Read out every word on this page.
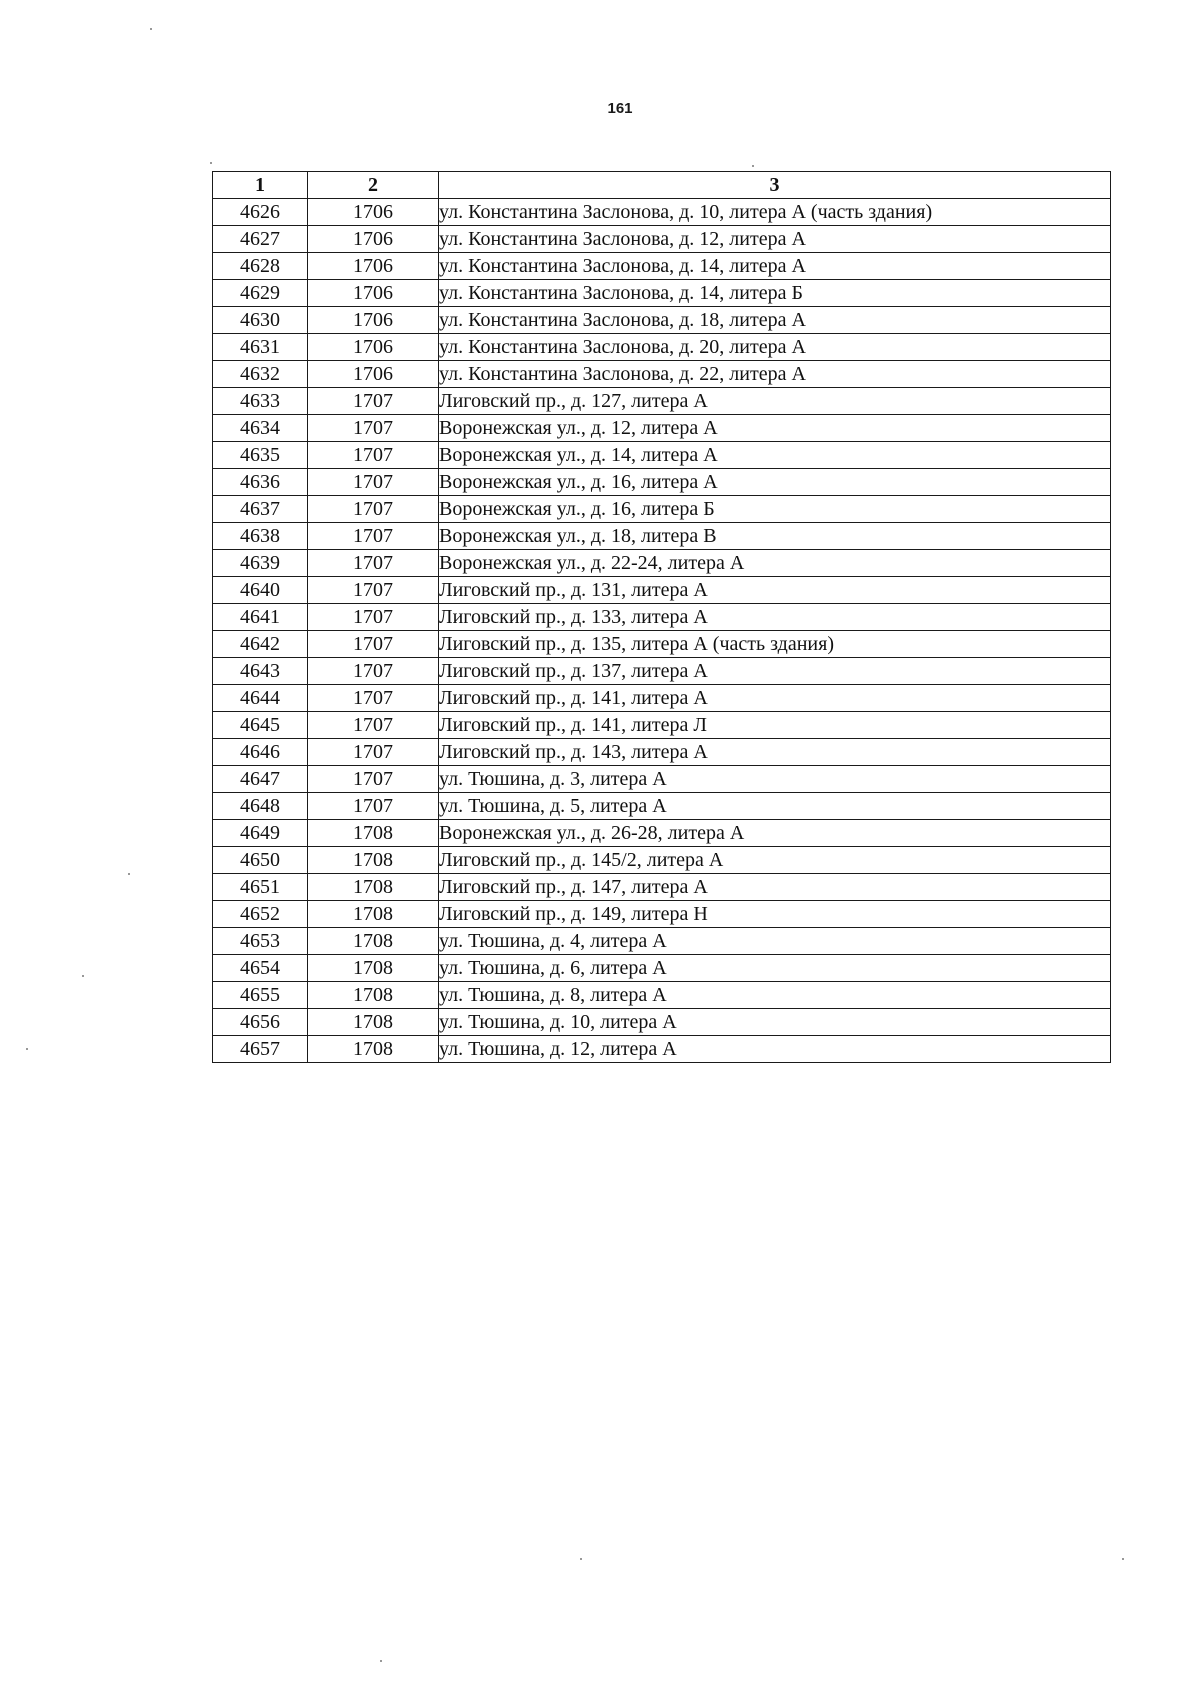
161
1	2	3
4626	1706	ул. Константина Заслонова, д. 10, литера А (часть здания)
4627	1706	ул. Константина Заслонова, д. 12, литера А
4628	1706	ул. Константина Заслонова, д. 14, литера А
4629	1706	ул. Константина Заслонова, д. 14, литера Б
4630	1706	ул. Константина Заслонова, д. 18, литера А
4631	1706	ул. Константина Заслонова, д. 20, литера А
4632	1706	ул. Константина Заслонова, д. 22, литера А
4633	1707	Лиговский пр., д. 127, литера А
4634	1707	Воронежская ул., д. 12, литера А
4635	1707	Воронежская ул., д. 14, литера А
4636	1707	Воронежская ул., д. 16, литера А
4637	1707	Воронежская ул., д. 16, литера Б
4638	1707	Воронежская ул., д. 18, литера В
4639	1707	Воронежская ул., д. 22-24, литера А
4640	1707	Лиговский пр., д. 131, литера А
4641	1707	Лиговский пр., д. 133, литера А
4642	1707	Лиговский пр., д. 135, литера А (часть здания)
4643	1707	Лиговский пр., д. 137, литера А
4644	1707	Лиговский пр., д. 141, литера А
4645	1707	Лиговский пр., д. 141, литера Л
4646	1707	Лиговский пр., д. 143, литера А
4647	1707	ул. Тюшина, д. 3, литера А
4648	1707	ул. Тюшина, д. 5, литера А
4649	1708	Воронежская ул., д. 26-28, литера А
4650	1708	Лиговский пр., д. 145/2, литера А
4651	1708	Лиговский пр., д. 147, литера А
4652	1708	Лиговский пр., д. 149, литера Н
4653	1708	ул. Тюшина, д. 4, литера А
4654	1708	ул. Тюшина, д. 6, литера А
4655	1708	ул. Тюшина, д. 8, литера А
4656	1708	ул. Тюшина, д. 10, литера А
4657	1708	ул. Тюшина, д. 12, литера А
